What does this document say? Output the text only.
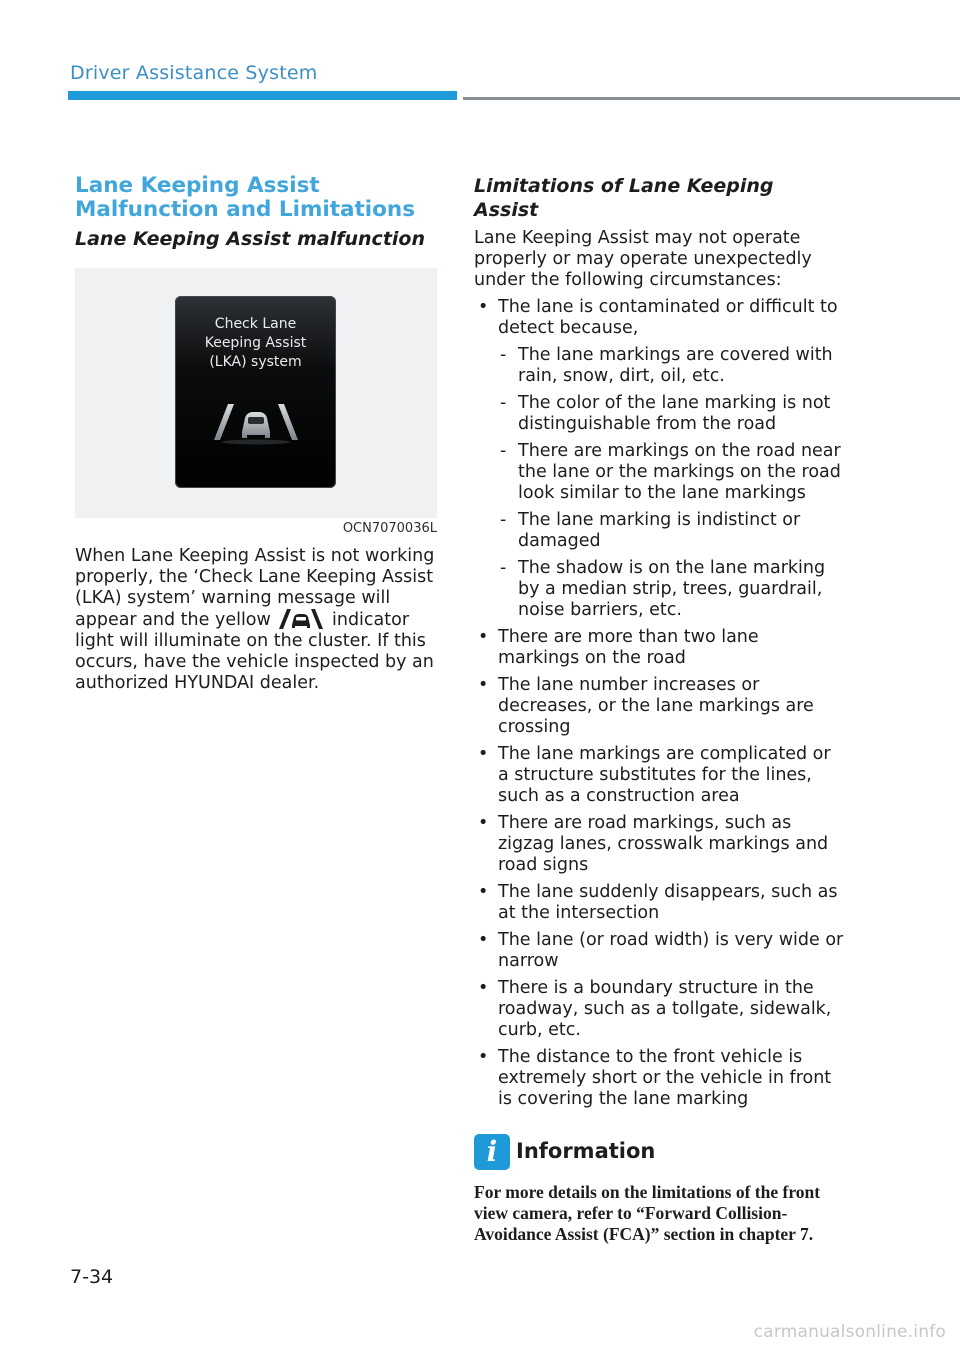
Driver Assistance System
Lane Keeping Assist Malfunction and Limitations
Lane Keeping Assist malfunction
Check Lane
Keeping Assist
(LKA) system
OCN7070036L

When Lane Keeping Assist is not working properly, the ‘Check Lane Keeping Assist (LKA) system’ warning message will appear and the yellow	indicator light will illuminate on the cluster. If this occurs, have the vehicle inspected by an authorized HYUNDAI dealer.

Limitations of Lane Keeping Assist

Lane Keeping Assist may not operate properly or may operate unexpectedly under the following circumstances:

• The lane is contaminated or difficult to detect because,
- The lane markings are covered with rain, snow, dirt, oil, etc.
- The color of the lane marking is not distinguishable from the road
- There are markings on the road near the lane or the markings on the road look similar to the lane markings
- The lane marking is indistinct or damaged
- The shadow is on the lane marking by a median strip, trees, guardrail, noise barriers, etc.
• There are more than two lane markings on the road
• The lane number increases or decreases, or the lane markings are crossing
• The lane markings are complicated or a structure substitutes for the lines, such as a construction area
• There are road markings, such as zigzag lanes, crosswalk markings and road signs
• The lane suddenly disappears, such as at the intersection
• The lane (or road width) is very wide or narrow
• There is a boundary structure in the roadway, such as a tollgate, sidewalk, curb, etc.
• The distance to the front vehicle is extremely short or the vehicle in front is covering the lane marking
i Information
For more details on the limitations of the front view camera, refer to “Forward Collision-Avoidance Assist (FCA)” section in chapter 7.
7-34
carmanualsonline.info
